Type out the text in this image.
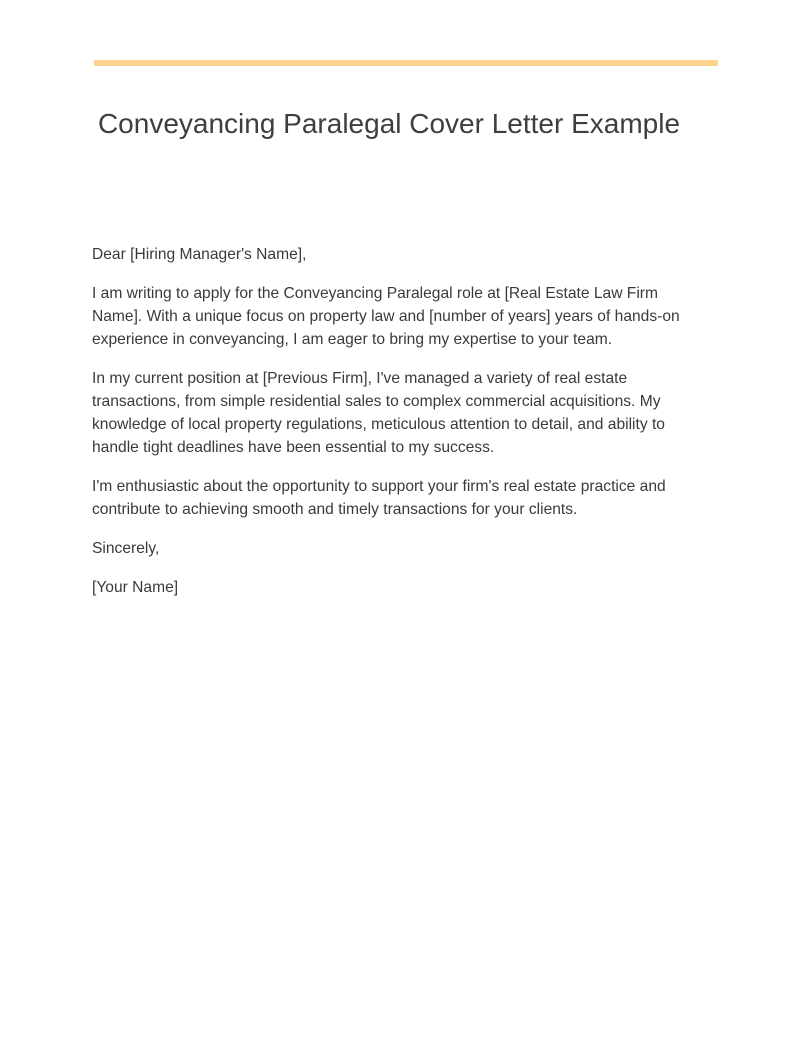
Conveyancing Paralegal Cover Letter Example

Dear [Hiring Manager's Name],

I am writing to apply for the Conveyancing Paralegal role at [Real Estate Law Firm Name]. With a unique focus on property law and [number of years] years of hands-on experience in conveyancing, I am eager to bring my expertise to your team.

In my current position at [Previous Firm], I've managed a variety of real estate transactions, from simple residential sales to complex commercial acquisitions. My knowledge of local property regulations, meticulous attention to detail, and ability to handle tight deadlines have been essential to my success.

I'm enthusiastic about the opportunity to support your firm's real estate practice and contribute to achieving smooth and timely transactions for your clients.

Sincerely,

[Your Name]
